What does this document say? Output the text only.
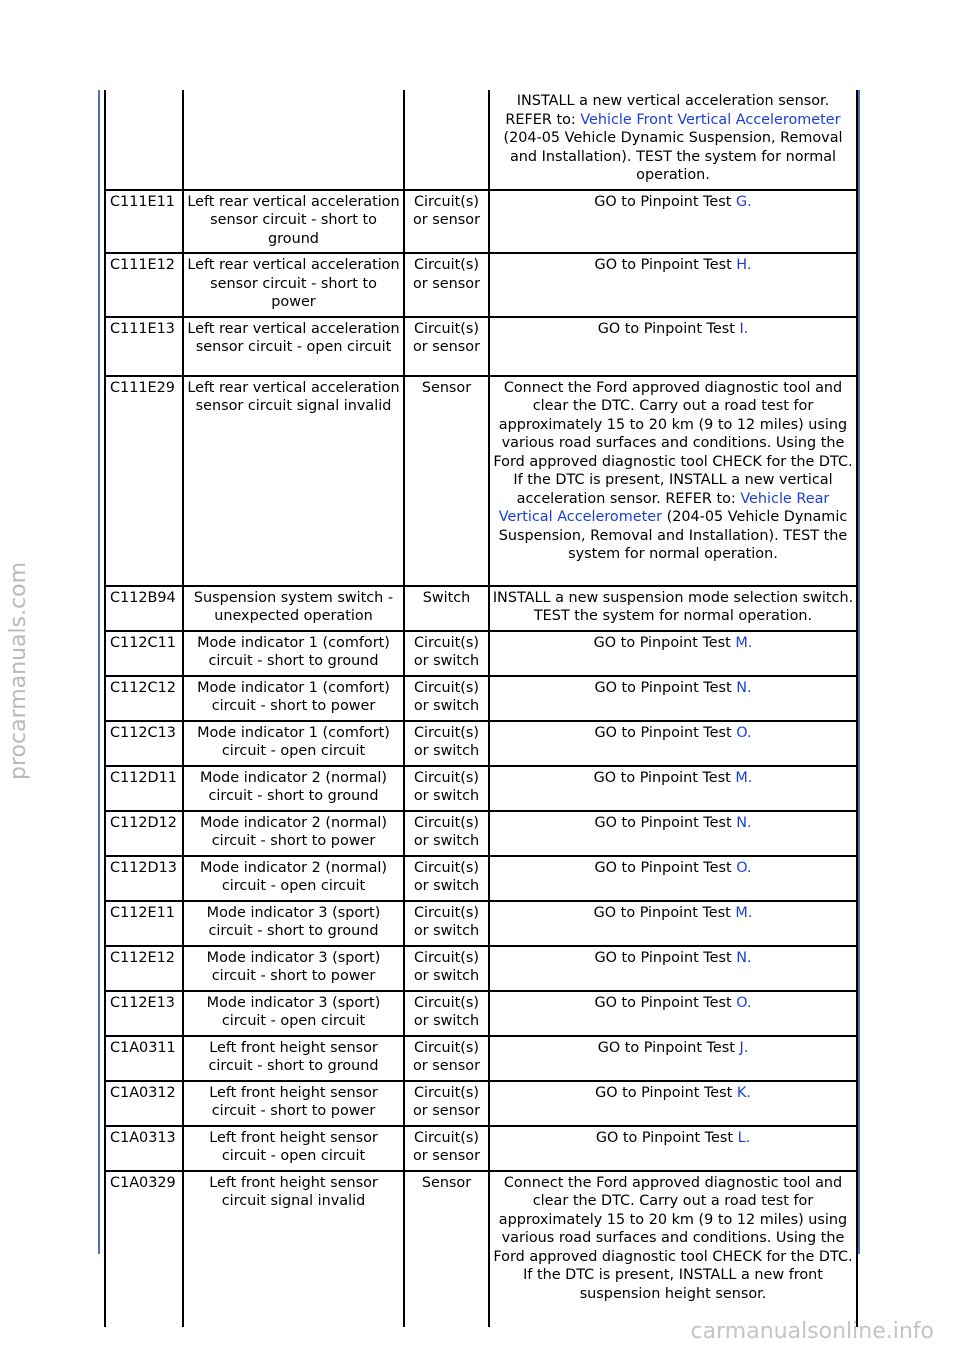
procarmanuals.com
carmanualsonline.info
			INSTALL a new vertical acceleration sensor. REFER to: Vehicle Front Vertical Accelerometer (204-05 Vehicle Dynamic Suspension, Removal and Installation). TEST the system for normal operation.
C111E11	Left rear vertical acceleration sensor circuit - short to ground	Circuit(s) or sensor	GO to Pinpoint Test G.
C111E12	Left rear vertical acceleration sensor circuit - short to power	Circuit(s) or sensor	GO to Pinpoint Test H.
C111E13	Left rear vertical acceleration sensor circuit - open circuit	Circuit(s) or sensor	GO to Pinpoint Test I.
C111E29	Left rear vertical acceleration sensor circuit signal invalid	Sensor	Connect the Ford approved diagnostic tool and clear the DTC. Carry out a road test for approximately 15 to 20 km (9 to 12 miles) using various road surfaces and conditions. Using the Ford approved diagnostic tool CHECK for the DTC. If the DTC is present, INSTALL a new vertical acceleration sensor. REFER to: Vehicle Rear Vertical Accelerometer (204-05 Vehicle Dynamic Suspension, Removal and Installation). TEST the system for normal operation.
C112B94	Suspension system switch - unexpected operation	Switch	INSTALL a new suspension mode selection switch. TEST the system for normal operation.
C112C11	Mode indicator 1 (comfort) circuit - short to ground	Circuit(s) or switch	GO to Pinpoint Test M.
C112C12	Mode indicator 1 (comfort) circuit - short to power	Circuit(s) or switch	GO to Pinpoint Test N.
C112C13	Mode indicator 1 (comfort) circuit - open circuit	Circuit(s) or switch	GO to Pinpoint Test O.
C112D11	Mode indicator 2 (normal) circuit - short to ground	Circuit(s) or switch	GO to Pinpoint Test M.
C112D12	Mode indicator 2 (normal) circuit - short to power	Circuit(s) or switch	GO to Pinpoint Test N.
C112D13	Mode indicator 2 (normal) circuit - open circuit	Circuit(s) or switch	GO to Pinpoint Test O.
C112E11	Mode indicator 3 (sport) circuit - short to ground	Circuit(s) or switch	GO to Pinpoint Test M.
C112E12	Mode indicator 3 (sport) circuit - short to power	Circuit(s) or switch	GO to Pinpoint Test N.
C112E13	Mode indicator 3 (sport) circuit - open circuit	Circuit(s) or switch	GO to Pinpoint Test O.
C1A0311	Left front height sensor circuit - short to ground	Circuit(s) or sensor	GO to Pinpoint Test J.
C1A0312	Left front height sensor circuit - short to power	Circuit(s) or sensor	GO to Pinpoint Test K.
C1A0313	Left front height sensor circuit - open circuit	Circuit(s) or sensor	GO to Pinpoint Test L.
C1A0329	Left front height sensor circuit signal invalid	Sensor	Connect the Ford approved diagnostic tool and clear the DTC. Carry out a road test for approximately 15 to 20 km (9 to 12 miles) using various road surfaces and conditions. Using the Ford approved diagnostic tool CHECK for the DTC. If the DTC is present, INSTALL a new front suspension height sensor.
